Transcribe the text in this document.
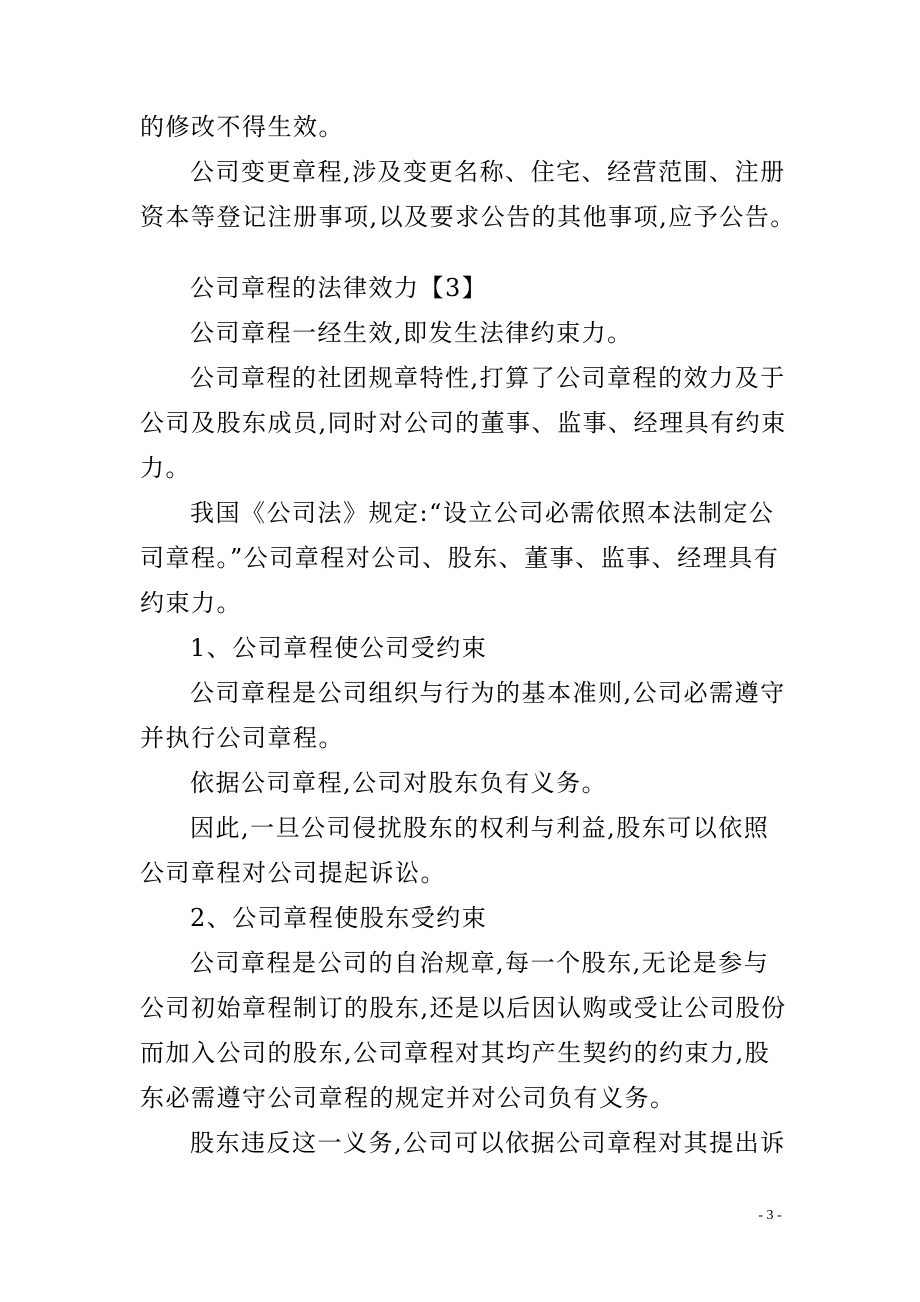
的修改不得生效。
公司变更章程,涉及变更名称、住宅、经营范围、注册
资本等登记注册事项,以及要求公告的其他事项,应予公告。
公司章程的法律效力【3】
公司章程一经生效,即发生法律约束力。
公司章程的社团规章特性,打算了公司章程的效力及于
公司及股东成员,同时对公司的董事、监事、经理具有约束
力。
我国《公司法》规定:“设立公司必需依照本法制定公
司章程。”公司章程对公司、股东、董事、监事、经理具有
约束力。
1、公司章程使公司受约束
公司章程是公司组织与行为的基本准则,公司必需遵守
并执行公司章程。
依据公司章程,公司对股东负有义务。
因此,一旦公司侵扰股东的权利与利益,股东可以依照
公司章程对公司提起诉讼。
2、公司章程使股东受约束
公司章程是公司的自治规章,每一个股东,无论是参与
公司初始章程制订的股东,还是以后因认购或受让公司股份
而加入公司的股东,公司章程对其均产生契约的约束力,股
东必需遵守公司章程的规定并对公司负有义务。
股东违反这一义务,公司可以依据公司章程对其提出诉
- 3 -
